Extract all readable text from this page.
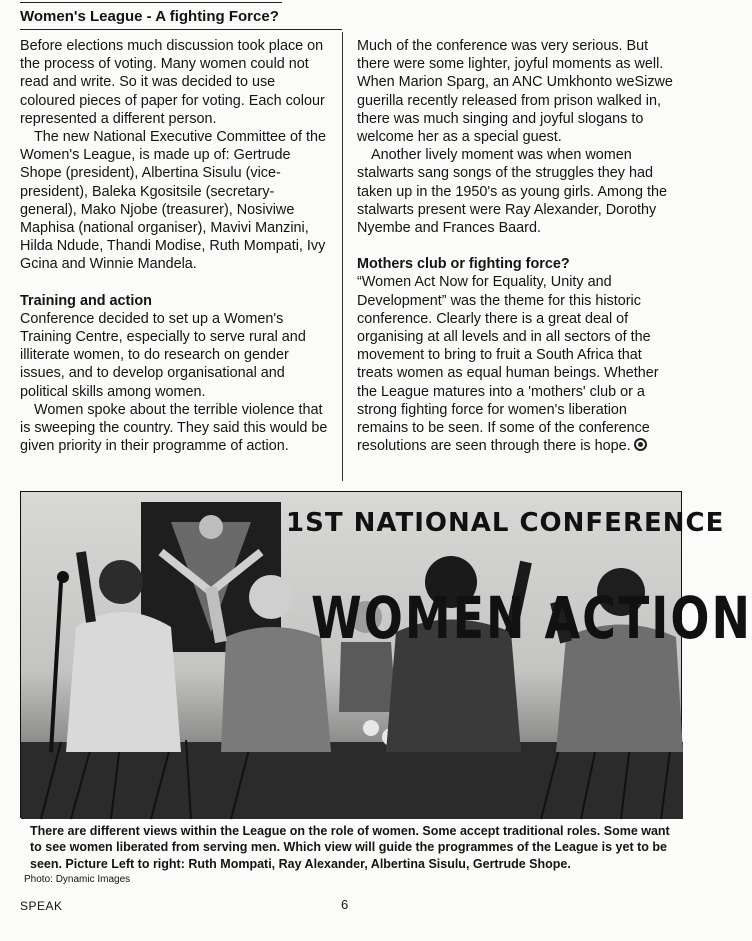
Women's League - A fighting Force?

Before elections much discussion took place on the process of voting. Many women could not read and write. So it was decided to use coloured pieces of paper for voting. Each colour represented a different person.

The new National Executive Committee of the Women's League, is made up of: Gertrude Shope (president), Albertina Sisulu (vice-president), Baleka Kgositsile (secretary-general), Mako Njobe (treasurer), Nosiviwe Maphisa (national organiser), Mavivi Manzini, Hilda Ndude, Thandi Modise, Ruth Mompati, Ivy Gcina and Winnie Mandela.

Training and action

Conference decided to set up a Women's Training Centre, especially to serve rural and illiterate women, to do research on gender issues, and to develop organisational and political skills among women.

Women spoke about the terrible violence that is sweeping the country. They said this would be given priority in their programme of action.

Much of the conference was very serious. But there were some lighter, joyful moments as well. When Marion Sparg, an ANC Umkhonto weSizwe guerilla recently released from prison walked in, there was much singing and joyful slogans to welcome her as a special guest.

Another lively moment was when women stalwarts sang songs of the struggles they had taken up in the 1950's as young girls. Among the stalwarts present were Ray Alexander, Dorothy Nyembe and Frances Baard.

Mothers club or fighting force?

“Women Act Now for Equality, Unity and Development” was the theme for this historic conference. Clearly there is a great deal of organising at all levels and in all sectors of the movement to bring to fruit a South Africa that treats women as equal human beings. Whether the League matures into a 'mothers' club or a strong fighting force for women's liberation remains to be seen. If some of the conference resolutions are seen through there is hope.

1ST NATIONAL CONFERENCE
WOMEN ACTION

There are different views within the League on the role of women. Some accept traditional roles. Some want to see women liberated from serving men. Which view will guide the programmes of the League is yet to be seen. Picture Left to right: Ruth Mompati, Ray Alexander, Albertina Sisulu, Gertrude Shope.

Photo: Dynamic Images

SPEAK	6
